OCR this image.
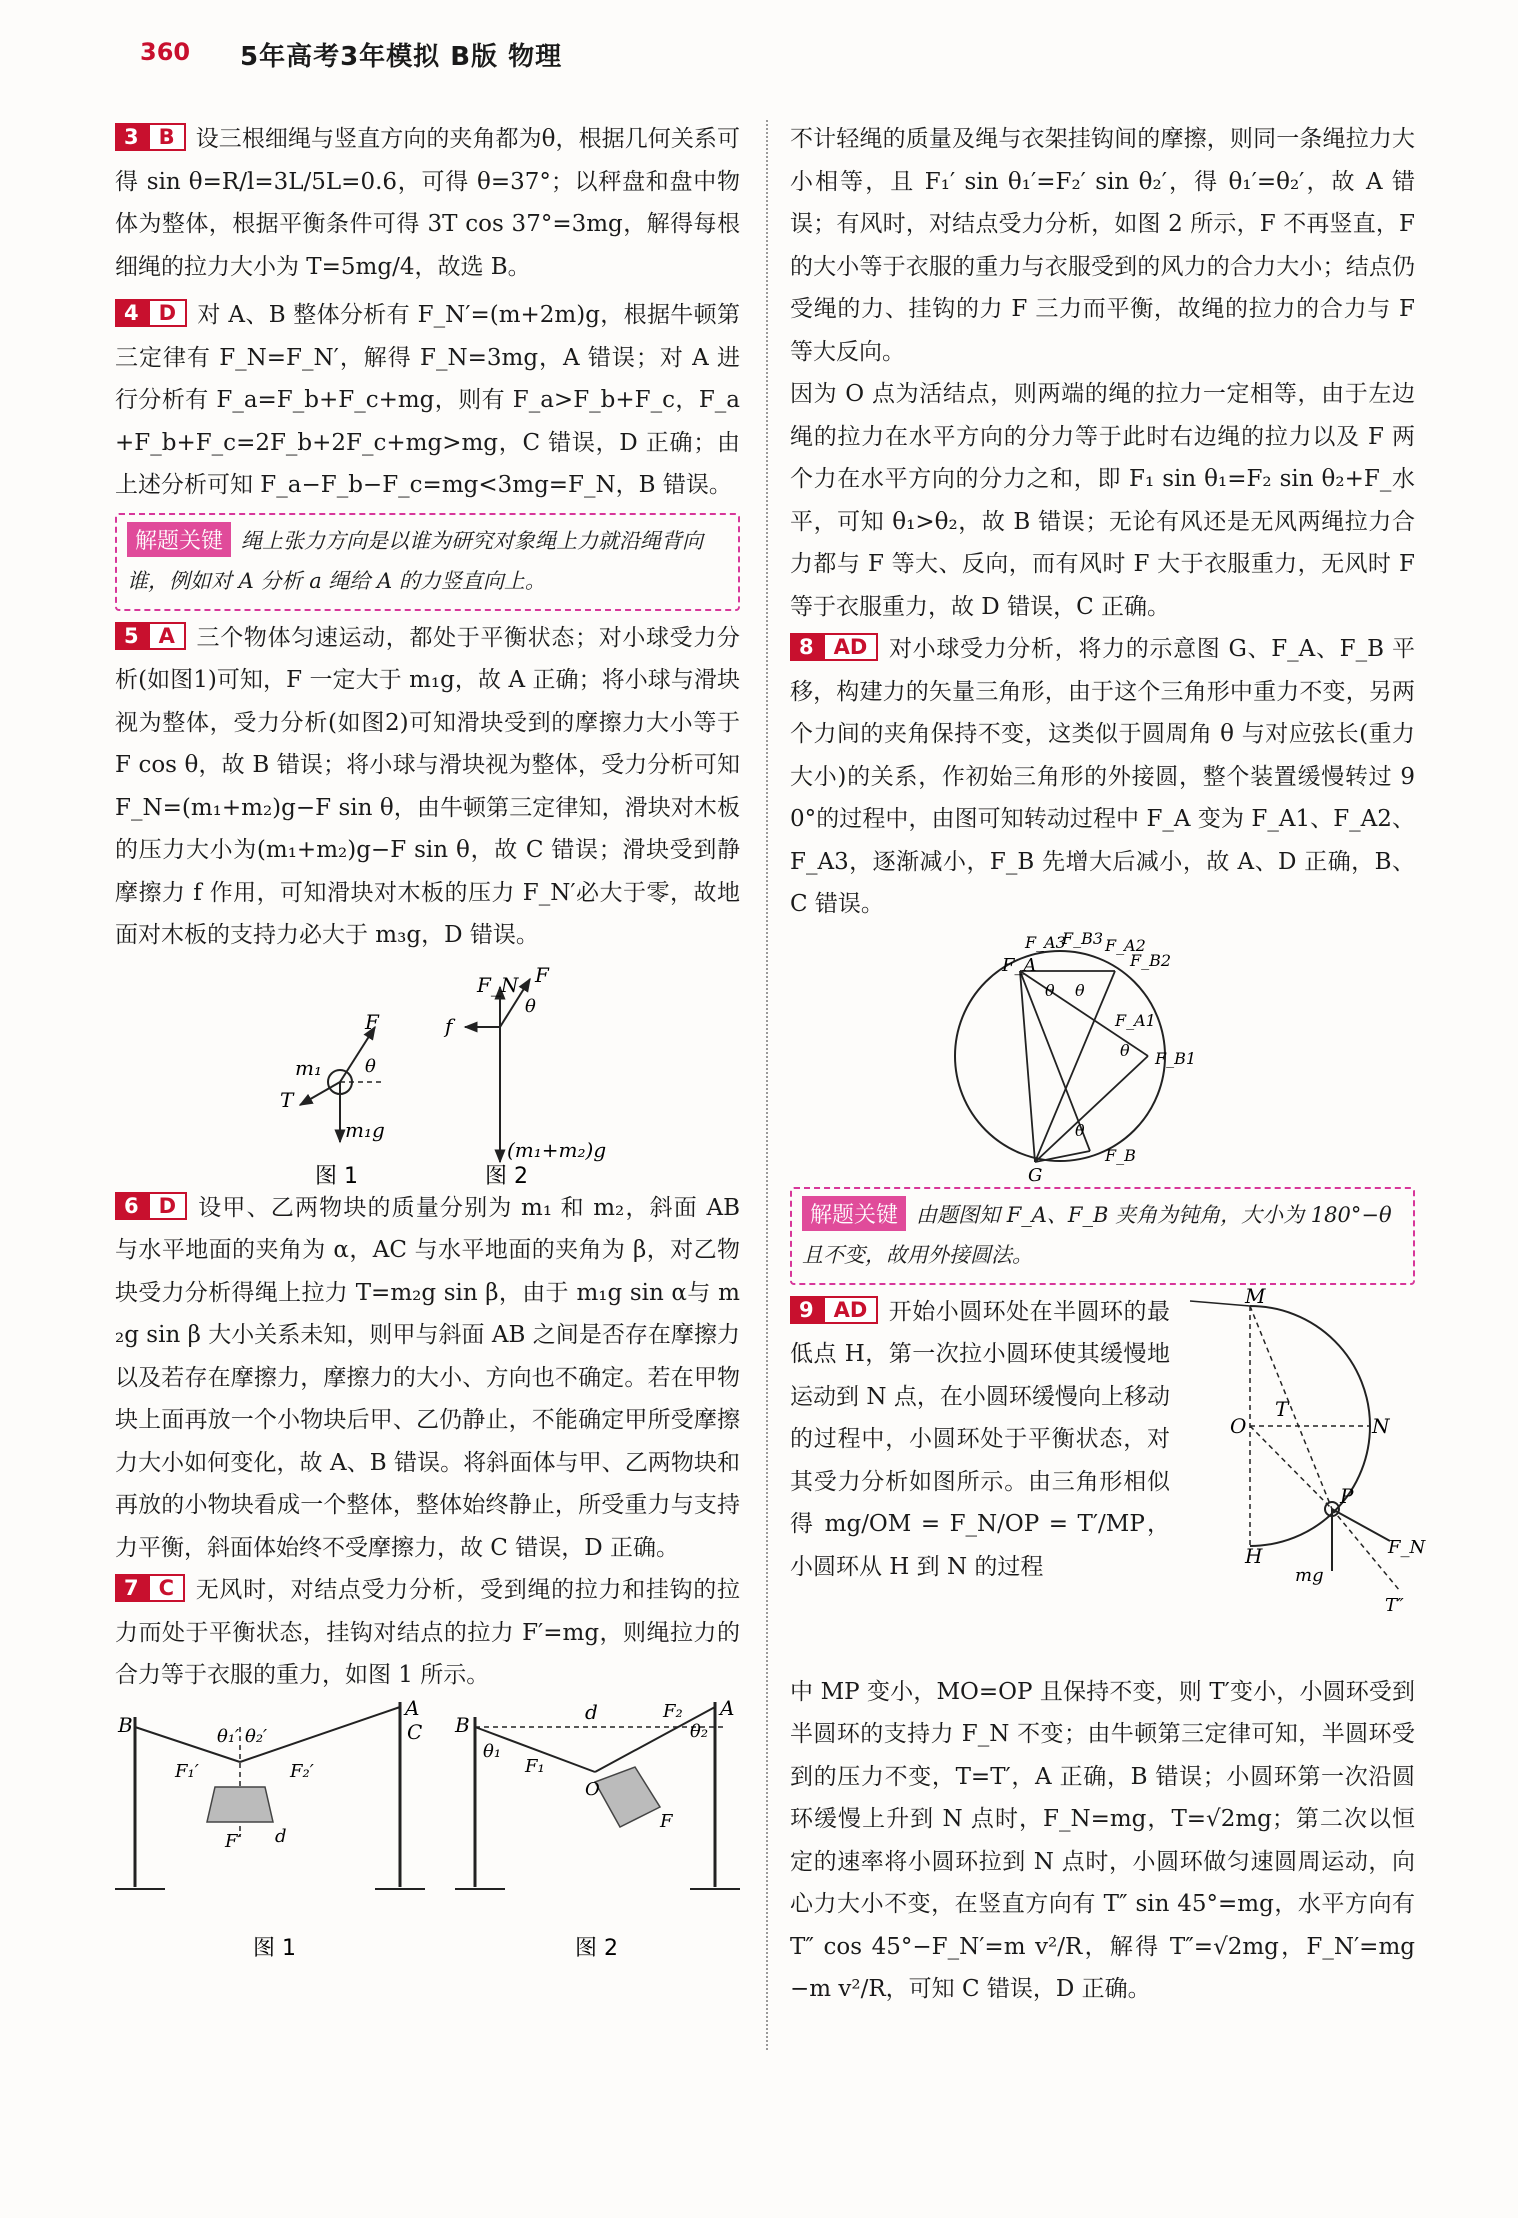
360 5年高考3年模拟 B版 物理

3 B 设三根细绳与竖直方向的夹角都为θ，根据几何关系可得 sin θ=R/l=3L/5L=0.6，可得 θ=37°；以秤盘和盘中物体为整体，根据平衡条件可得 3T cos 37°=3mg，解得每根细绳的拉力大小为 T=5mg/4，故选 B。

4 D 对 A、B 整体分析有 F_N′=(m+2m)g，根据牛顿第三定律有 F_N=F_N′，解得 F_N=3mg，A 错误；对 A 进行分析有 F_a=F_b+F_c+mg，则有 F_a>F_b+F_c，F_a+F_b+F_c=2F_b+2F_c+mg>mg，C 错误，D 正确；由上述分析可知 F_a−F_b−F_c=mg<3mg=F_N，B 错误。

解题关键 绳上张力方向是以谁为研究对象绳上力就沿绳背向谁，例如对 A 分析 a 绳给 A 的力竖直向上。

5 A 三个物体匀速运动，都处于平衡状态；对小球受力分析(如图1)可知，F 一定大于 m₁g，故 A 正确；将小球与滑块视为整体，受力分析(如图2)可知滑块受到的摩擦力大小等于 F cos θ，故 B 错误；将小球与滑块视为整体，受力分析可知 F_N=(m₁+m₂)g−F sin θ，由牛顿第三定律知，滑块对木板的压力大小为(m₁+m₂)g−F sin θ，故 C 错误；滑块受到静摩擦力 f 作用，可知滑块对木板的压力 F_N′必大于零，故地面对木板的支持力必大于 m₃g，D 错误。

F
θ
m₁
T
m₁g
F_N F
θ
f
(m₁+m₂)g
图 1	图 2

6 D 设甲、乙两物块的质量分别为 m₁ 和 m₂，斜面 AB 与水平地面的夹角为 α，AC 与水平地面的夹角为 β，对乙物块受力分析得绳上拉力 T=m₂g sin β，由于 m₁g sin α与 m₂g sin β 大小关系未知，则甲与斜面 AB 之间是否存在摩擦力以及若存在摩擦力，摩擦力的大小、方向也不确定。若在甲物块上面再放一个小物块后甲、乙仍静止，不能确定甲所受摩擦力大小如何变化，故 A、B 错误。将斜面体与甲、乙两物块和再放的小物块看成一个整体，整体始终静止，所受重力与支持力平衡，斜面体始终不受摩擦力，故 C 错误，D 正确。

7 C 无风时，对结点受力分析，受到绳的拉力和挂钩的拉力而处于平衡状态，挂钩对结点的拉力 F′=mg，则绳拉力的合力等于衣服的重力，如图 1 所示。

B
A
C
θ₁′ θ₂′
F₁′	F₂′
F′ d
图 1
B
A
d	F₂
θ₂
θ₁
F₁
O
F
图 2

不计轻绳的质量及绳与衣架挂钩间的摩擦，则同一条绳拉力大小相等，且 F₁′ sin θ₁′=F₂′ sin θ₂′，得 θ₁′=θ₂′，故 A 错误；有风时，对结点受力分析，如图 2 所示，F 不再竖直，F 的大小等于衣服的重力与衣服受到的风力的合力大小；结点仍受绳的力、挂钩的力 F 三力而平衡，故绳的拉力的合力与 F 等大反向。

因为 O 点为活结点，则两端的绳的拉力一定相等，由于左边绳的拉力在水平方向的分力等于此时右边绳的拉力以及 F 两个力在水平方向的分力之和，即 F₁ sin θ₁=F₂ sin θ₂+F_水平，可知 θ₁>θ₂，故 B 错误；无论有风还是无风两绳拉力合力都与 F 等大、反向，而有风时 F 大于衣服重力，无风时 F 等于衣服重力，故 D 错误，C 正确。

8 AD 对小球受力分析，将力的示意图 G、F_A、F_B 平移，构建力的矢量三角形，由于这个三角形中重力不变，另两个力间的夹角保持不变，这类似于圆周角 θ 与对应弦长(重力大小)的关系，作初始三角形的外接圆，整个装置缓慢转过 90°的过程中，由图可知转动过程中 F_A 变为 F_A1、F_A2、F_A3，逐渐减小，F_B 先增大后减小，故 A、D 正确，B、C 错误。

F_A
F_A3
F_B3 F_A2
F_B2
F_A1
F_B1
F_B
G
θ θ
θ
θ
解题关键 由题图知 F_A、F_B 夹角为钝角，大小为 180°−θ 且不变，故用外接圆法。

9 AD 开始小圆环处在半圆环的最低点 H，第一次拉小圆环使其缓慢地运动到 N 点，在小圆环缓慢向上移动的过程中，小圆环处于平衡状态，对其受力分析如图所示。由三角形相似得 mg/OM = F_N/OP = T′/MP，小圆环从 H 到 N 的过程

M
O	N
P
H
T
F_N
mg
T″

中 MP 变小，MO=OP 且保持不变，则 T′变小，小圆环受到半圆环的支持力 F_N 不变；由牛顿第三定律可知，半圆环受到的压力不变，T=T′，A 正确，B 错误；小圆环第一次沿圆环缓慢上升到 N 点时，F_N=mg，T=√2mg；第二次以恒定的速率将小圆环拉到 N 点时，小圆环做匀速圆周运动，向心力大小不变，在竖直方向有 T″ sin 45°=mg，水平方向有 T″ cos 45°−F_N′=m v²/R，解得 T″=√2mg，F_N′=mg−m v²/R，可知 C 错误，D 正确。
